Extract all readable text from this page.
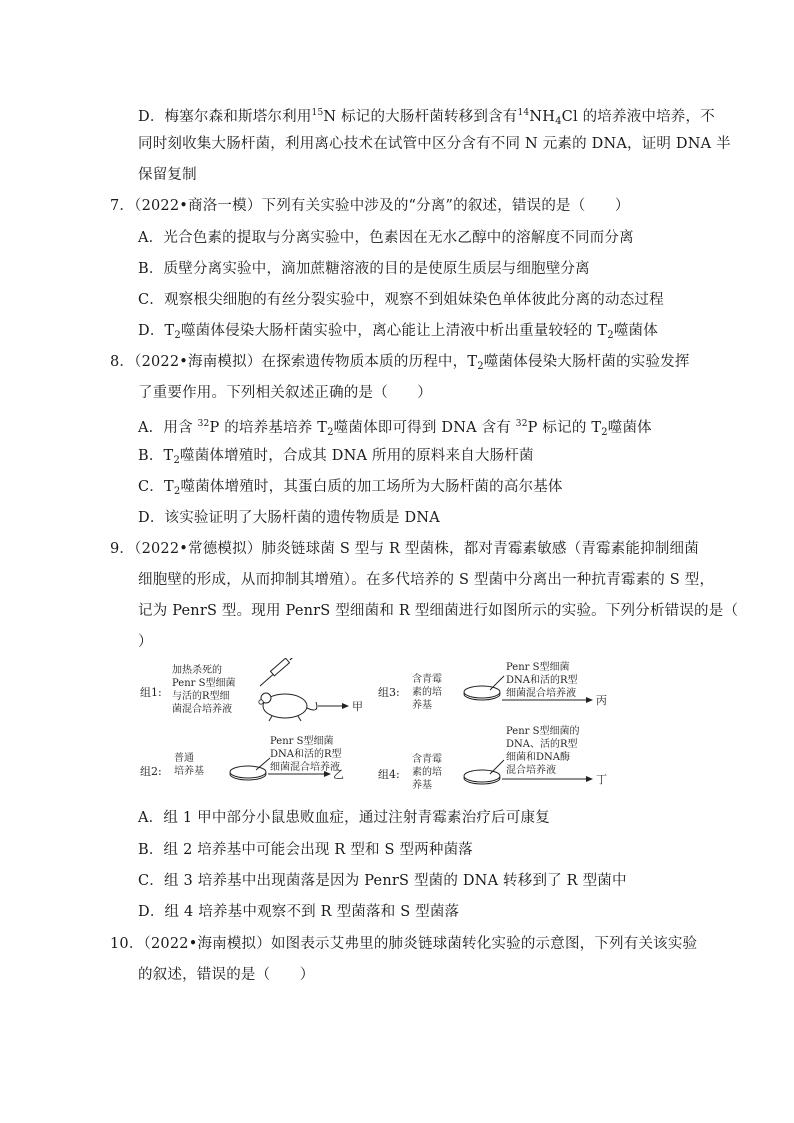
D．梅塞尔森和斯塔尔利用$^{15}$N 标记的大肠杆菌转移到含有$^{14}NH_4Cl$ 的培养液中培养，不
同时刻收集大肠杆菌，利用离心技术在试管中区分含有不同 N 元素的 DNA，证明 DNA 半
保留复制
7．（2022•商洛一模）下列有关实验中涉及的“分离”的叙述，错误的是（　　）
A．光合色素的提取与分离实验中，色素因在无水乙醇中的溶解度不同而分离
B．质壁分离实验中，滴加蔗糖溶液的目的是使原生质层与细胞壁分离
C．观察根尖细胞的有丝分裂实验中，观察不到姐妹染色单体彼此分离的动态过程
D．$T_2$噬菌体侵染大肠杆菌实验中，离心能让上清液中析出重量较轻的 $T_2$噬菌体
8．（2022•海南模拟）在探索遗传物质本质的历程中，$T_2$噬菌体侵染大肠杆菌的实验发挥
了重要作用。下列相关叙述正确的是（　　）
A．用含 $^{32}$P 的培养基培养 $T_2$噬菌体即可得到 DNA 含有 $^{32}$P 标记的 $T_2$噬菌体
B．$T_2$噬菌体增殖时，合成其 DNA 所用的原料来自大肠杆菌
C．$T_2$噬菌体增殖时，其蛋白质的加工场所为大肠杆菌的高尔基体
D．该实验证明了大肠杆菌的遗传物质是 DNA
9．（2022•常德模拟）肺炎链球菌 S 型与 R 型菌株，都对青霉素敏感（青霉素能抑制细菌
细胞壁的形成，从而抑制其增殖）。在多代培养的 S 型菌中分离出一种抗青霉素的 S 型，
记为 PenrS 型。现用 PenrS 型细菌和 R 型细菌进行如图所示的实验。下列分析错误的是（
）
组1:
加热杀死的
Penr S型细菌
与活的R型细
菌混合培养液	甲
组3:
含青霉
素的培
养基
Penr S型细菌
DNA和活的R型
细菌混合培养液
丙
组2:
普通
培养基
Penr S型细菌
DNA和活的R型
细菌混合培养液
乙	组4:
含青霉
素的培
养基
Penr S型细菌的
DNA、活的R型
细菌和DNA酶
混合培养液
丁
A．组 1 甲中部分小鼠患败血症，通过注射青霉素治疗后可康复
B．组 2 培养基中可能会出现 R 型和 S 型两种菌落
C．组 3 培养基中出现菌落是因为 PenrS 型菌的 DNA 转移到了 R 型菌中
D．组 4 培养基中观察不到 R 型菌落和 S 型菌落
10．（2022•海南模拟）如图表示艾弗里的肺炎链球菌转化实验的示意图，下列有关该实验
的叙述，错误的是（　　）
